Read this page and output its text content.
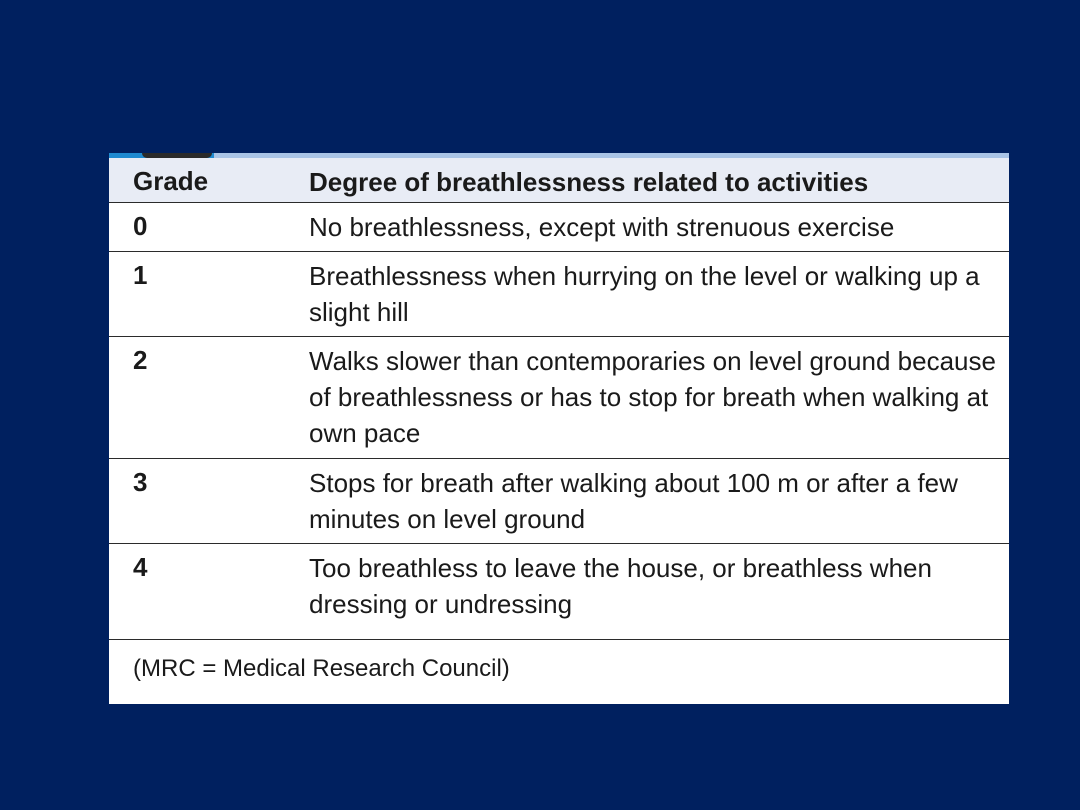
Grade	Degree of breathlessness related to activities
0	No breathlessness, except with strenuous exercise
1	Breathlessness when hurrying on the level or walking up a slight hill
2	Walks slower than contemporaries on level ground because of breathlessness or has to stop for breath when walking at own pace
3	Stops for breath after walking about 100 m or after a few minutes on level ground
4	Too breathless to leave the house, or breathless when dressing or undressing
(MRC = Medical Research Council)
